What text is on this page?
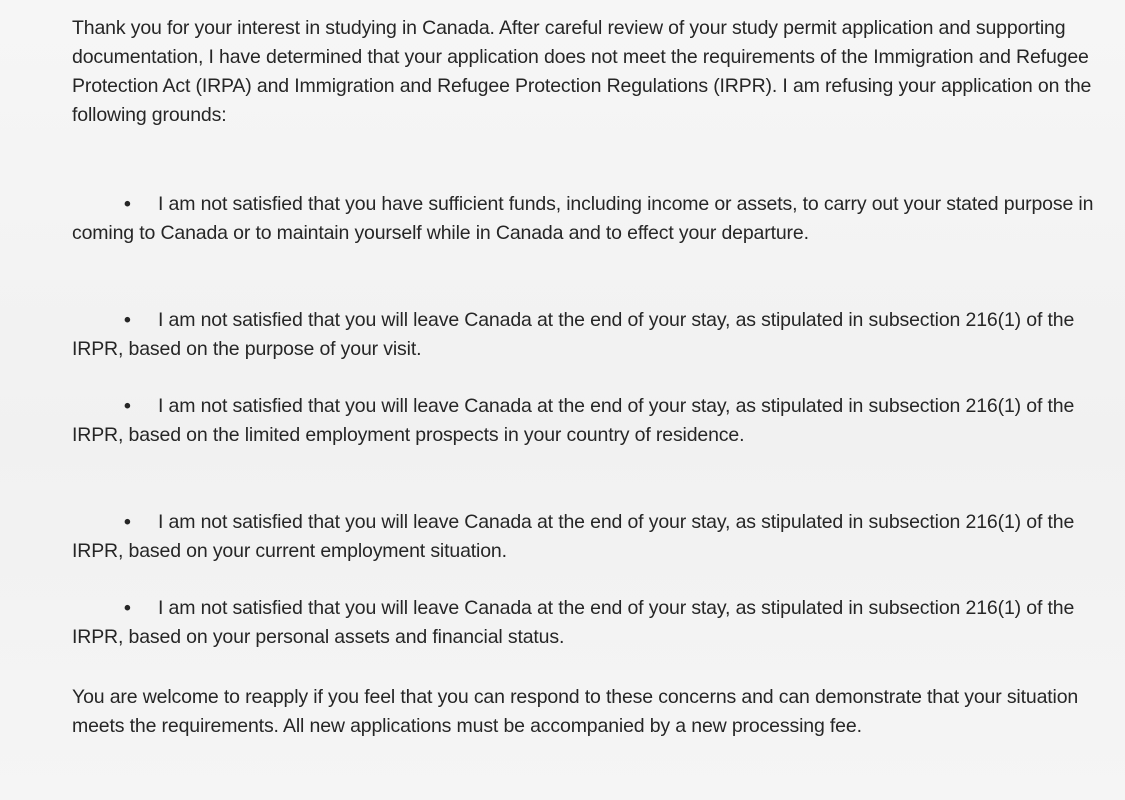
Thank you for your interest in studying in Canada. After careful review of your study permit application and supporting documentation, I have determined that your application does not meet the requirements of the Immigration and Refugee Protection Act (IRPA) and Immigration and Refugee Protection Regulations (IRPR). I am refusing your application on the following grounds:

• I am not satisfied that you have sufficient funds, including income or assets, to carry out your stated purpose in coming to Canada or to maintain yourself while in Canada and to effect your departure.

• I am not satisfied that you will leave Canada at the end of your stay, as stipulated in subsection 216(1) of the IRPR, based on the purpose of your visit.

• I am not satisfied that you will leave Canada at the end of your stay, as stipulated in subsection 216(1) of the IRPR, based on the limited employment prospects in your country of residence.

• I am not satisfied that you will leave Canada at the end of your stay, as stipulated in subsection 216(1) of the IRPR, based on your current employment situation.

• I am not satisfied that you will leave Canada at the end of your stay, as stipulated in subsection 216(1) of the IRPR, based on your personal assets and financial status.

You are welcome to reapply if you feel that you can respond to these concerns and can demonstrate that your situation meets the requirements. All new applications must be accompanied by a new processing fee.
